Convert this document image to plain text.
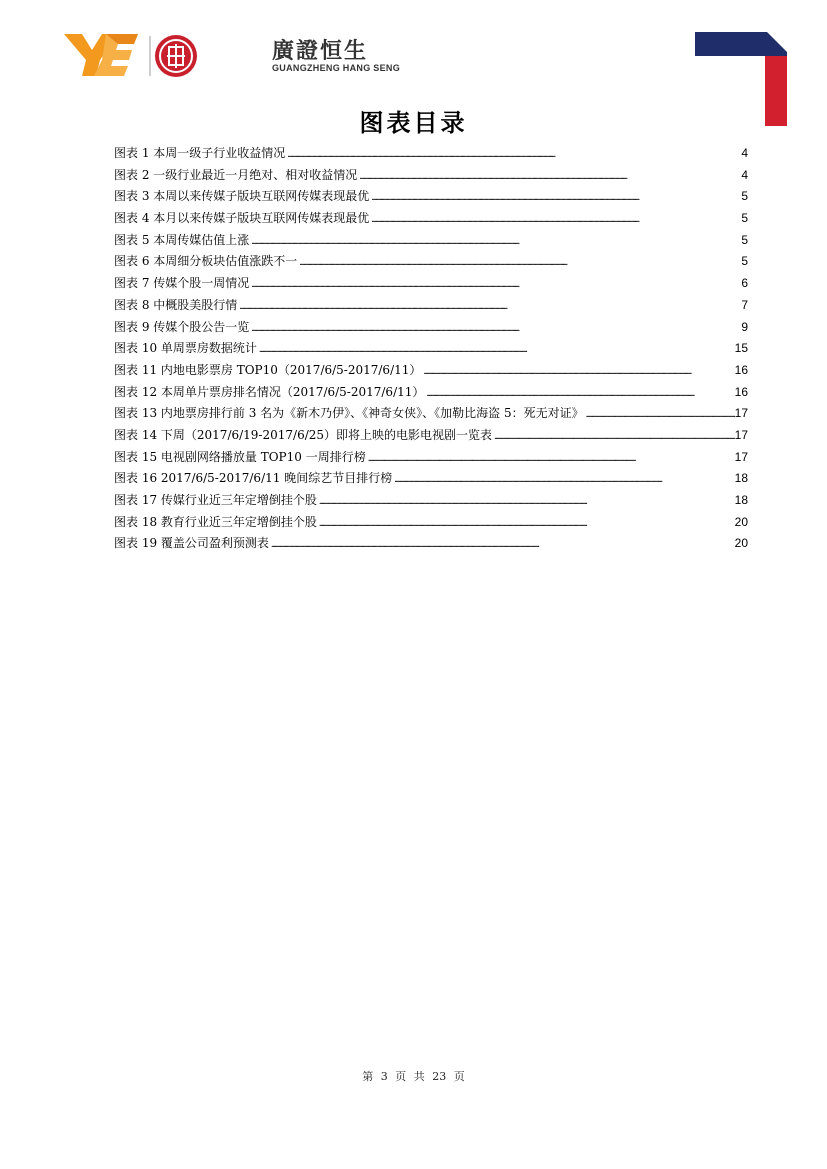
廣證恒生
GUANGZHENG HANG SENG
图表目录
图表 1 本周一级子行业收益情况 . . .	4
图表 2 一级行业最近一月绝对、相对收益情况 . . .	4
图表 3 本周以来传媒子版块互联网传媒表现最优 . . .	5
图表 4 本月以来传媒子版块互联网传媒表现最优 . . .	5
图表 5 本周传媒估值上涨 . . .	5
图表 6 本周细分板块估值涨跌不一 . . .	5
图表 7 传媒个股一周情况 . . .	6
图表 8 中概股美股行情 . . .	7
图表 9 传媒个股公告一览 . . .	9
图表 10 单周票房数据统计 . . .	15
图表 11 内地电影票房 TOP10（2017/6/5-2017/6/11） . . .	16
图表 12 本周单片票房排名情况（2017/6/5-2017/6/11） . . .	16
图表 13 内地票房排行前 3 名为《新木乃伊》、《神奇女侠》、《加勒比海盗 5：死无对证》 . . .	17
图表 14 下周（2017/6/19-2017/6/25）即将上映的电影电视剧一览表 . . .	17
图表 15 电视剧网络播放量 TOP10 一周排行榜 . . .	17
图表 16 2017/6/5-2017/6/11 晚间综艺节目排行榜 . . .	18
图表 17 传媒行业近三年定增倒挂个股 . . .	18
图表 18 教育行业近三年定增倒挂个股 . . .	20
图表 19 覆盖公司盈利预测表 . . .	20
第 3 页 共 23 页
